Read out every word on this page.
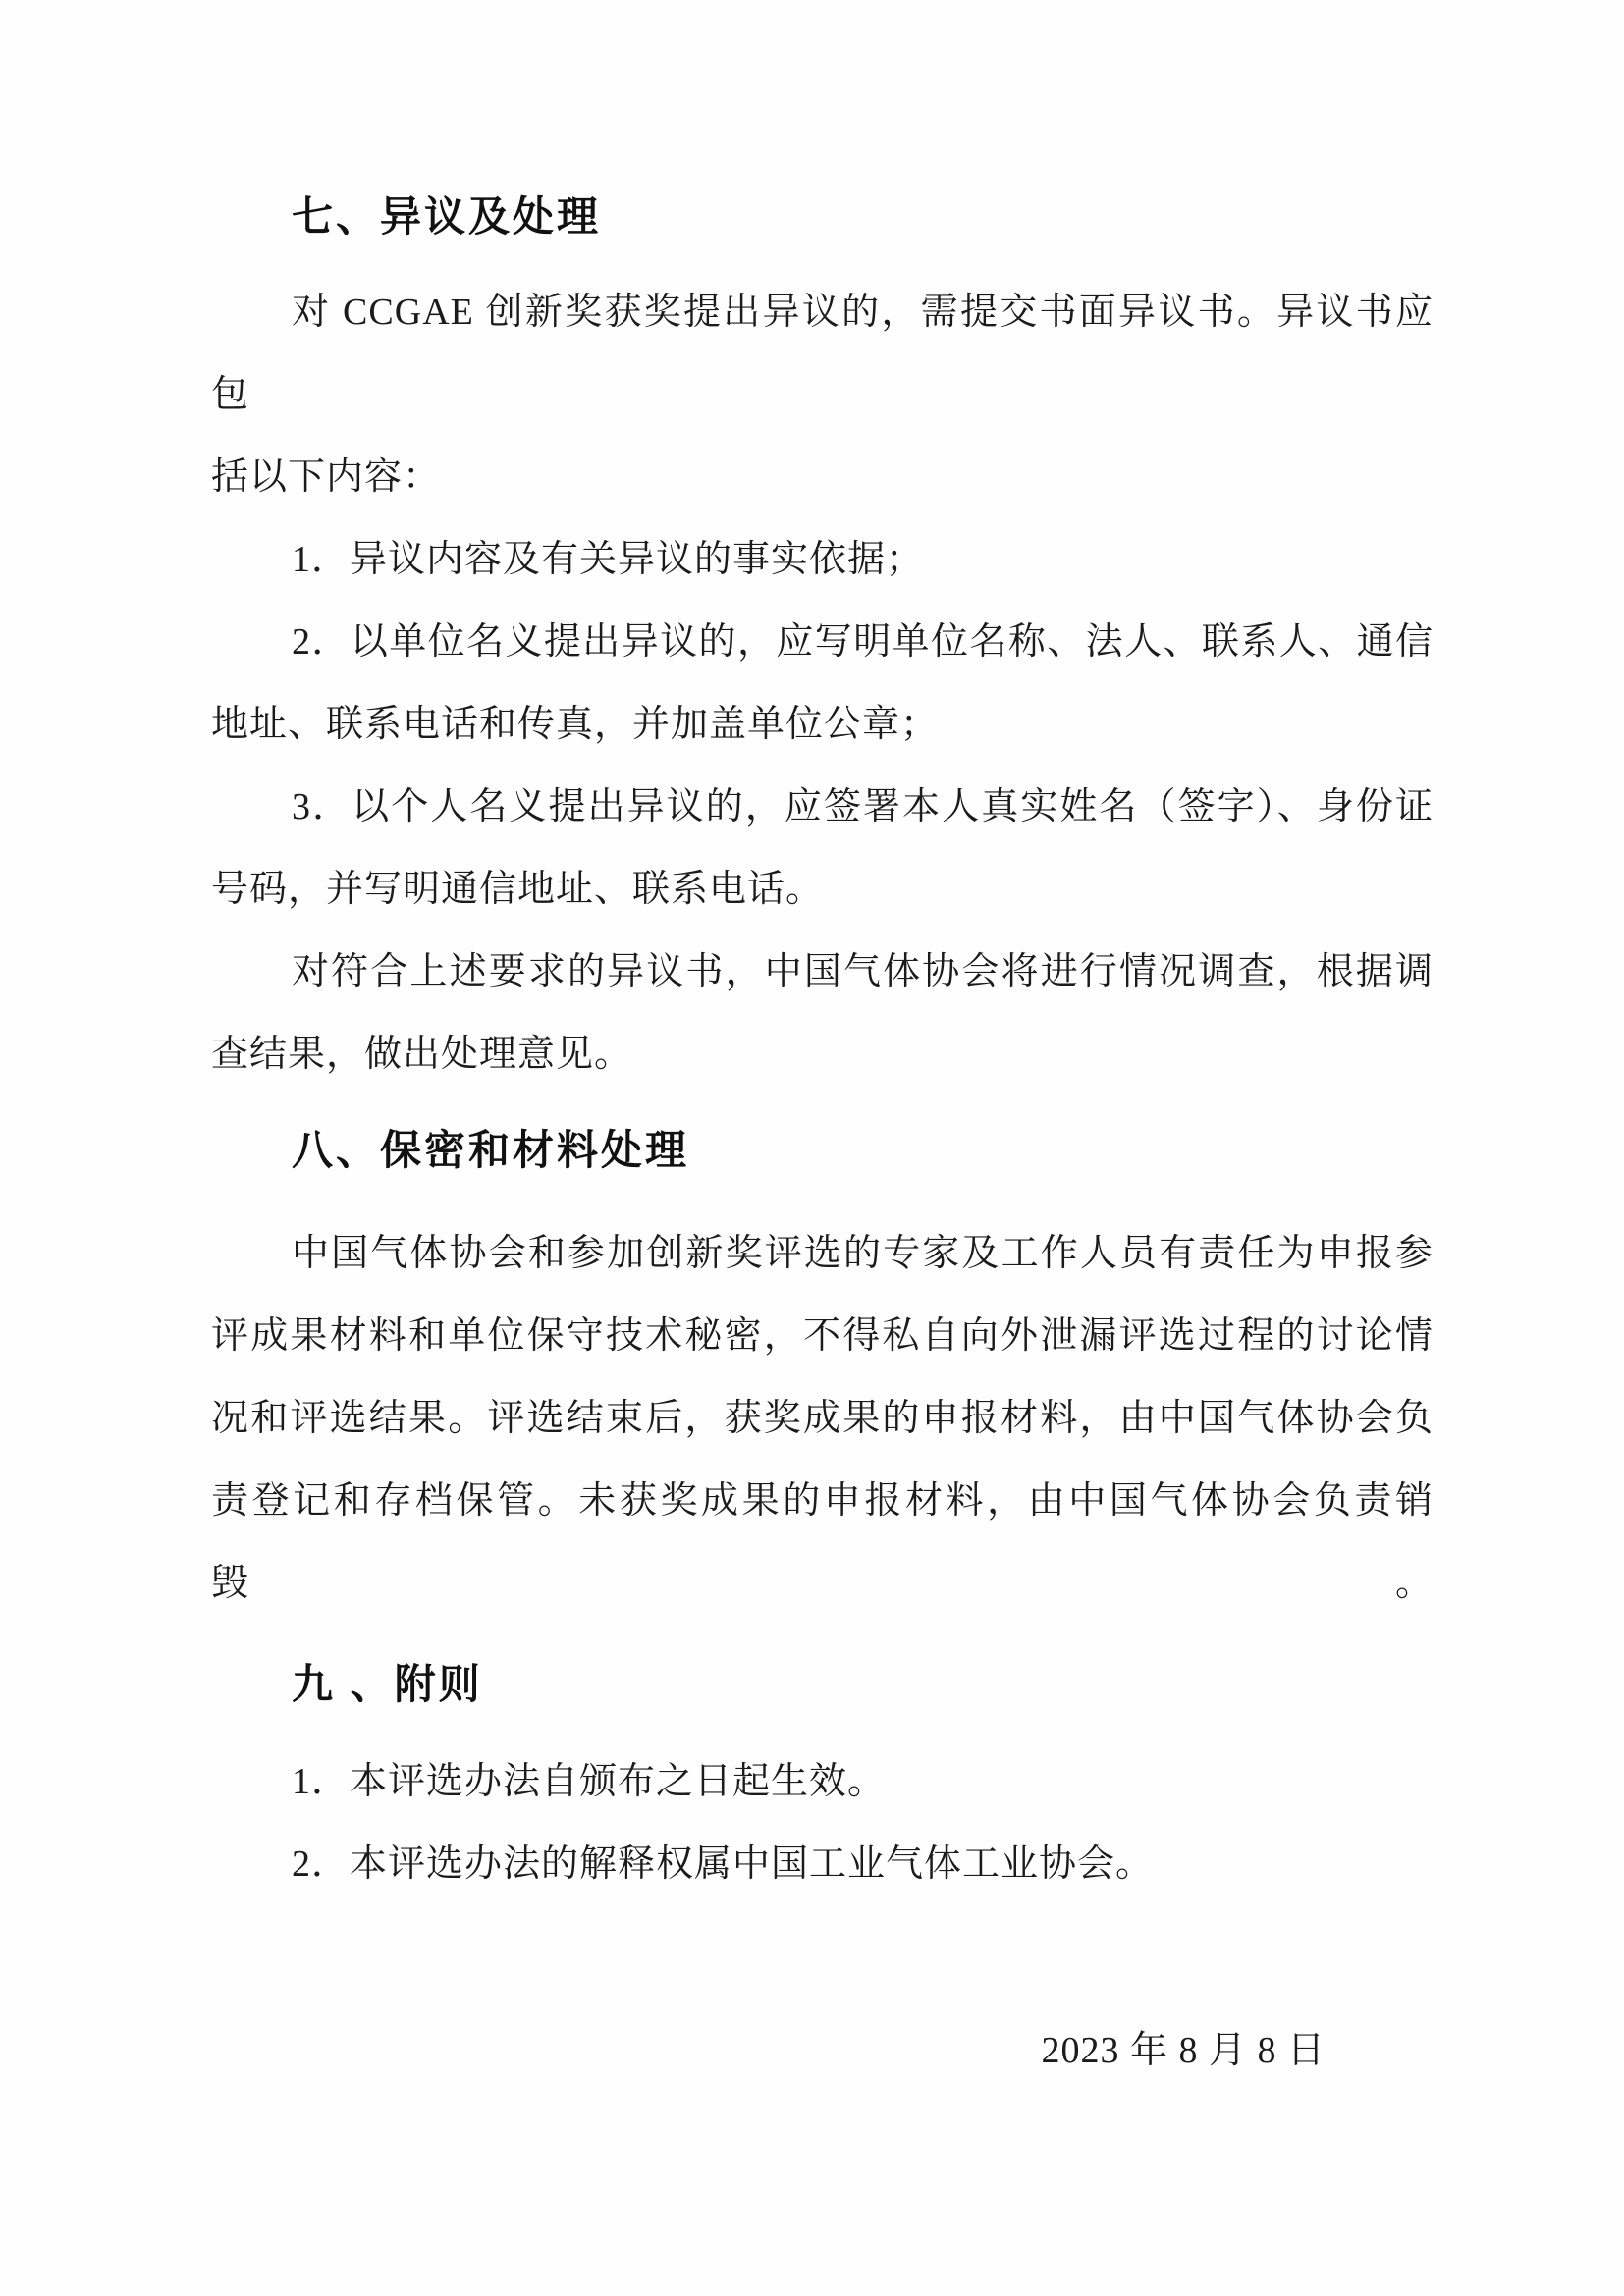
七、异议及处理

对 CCGAE 创新奖获奖提出异议的，需提交书面异议书。异议书应包

括以下内容：

1．异议内容及有关异议的事实依据；

2．以单位名义提出异议的，应写明单位名称、法人、联系人、通信

地址、联系电话和传真，并加盖单位公章；

3．以个人名义提出异议的，应签署本人真实姓名（签字）、身份证

号码，并写明通信地址、联系电话。

对符合上述要求的异议书，中国气体协会将进行情况调查，根据调

查结果，做出处理意见。

八、保密和材料处理

中国气体协会和参加创新奖评选的专家及工作人员有责任为申报参

评成果材料和单位保守技术秘密，不得私自向外泄漏评选过程的讨论情

况和评选结果。评选结束后，获奖成果的申报材料，由中国气体协会负

责登记和存档保管。未获奖成果的申报材料，由中国气体协会负责销毁。

九 、附则

1．本评选办法自颁布之日起生效。

2．本评选办法的解释权属中国工业气体工业协会。

2023 年 8 月 8 日
